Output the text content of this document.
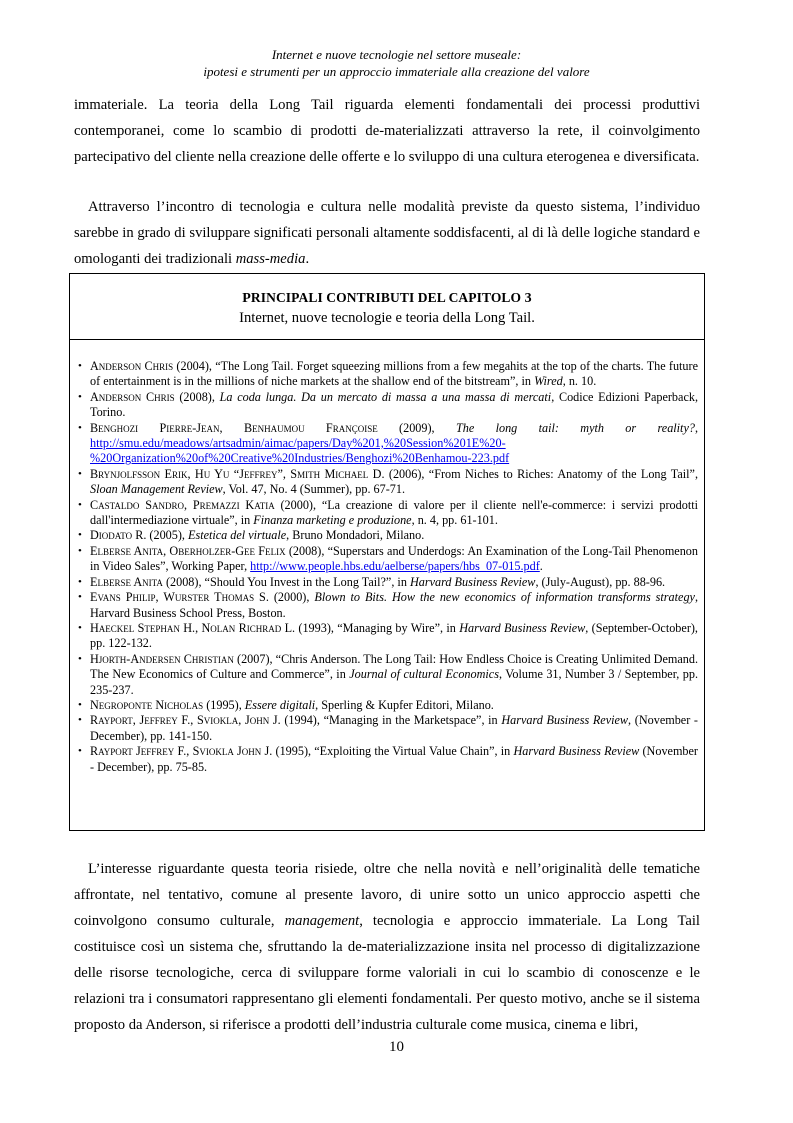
Internet e nuove tecnologie nel settore museale:
ipotesi e strumenti per un approccio immateriale alla creazione del valore

immateriale. La teoria della Long Tail riguarda elementi fondamentali dei processi produttivi contemporanei, come lo scambio di prodotti de-materializzati attraverso la rete, il coinvolgimento partecipativo del cliente nella creazione delle offerte e lo sviluppo di una cultura eterogenea e diversificata.

Attraverso l’incontro di tecnologia e cultura nelle modalità previste da questo sistema, l’individuo sarebbe in grado di sviluppare significati personali altamente soddisfacenti, al di là delle logiche standard e omologanti dei tradizionali mass-media.

PRINCIPALI CONTRIBUTI DEL CAPITOLO 3
Internet, nuove tecnologie e teoria della Long Tail.
• Anderson Chris (2004), “The Long Tail. Forget squeezing millions from a few megahits at the top of the charts. The future of entertainment is in the millions of niche markets at the shallow end of the bitstream”, in Wired, n. 10.
• Anderson Chris (2008), La coda lunga. Da un mercato di massa a una massa di mercati, Codice Edizioni Paperback, Torino.
• Benghozi Pierre-Jean, Benhaumou Françoise (2009), The long tail: myth or reality?, http://smu.edu/meadows/artsadmin/aimac/papers/Day%201,%20Session%201E%20-%20Organization%20of%20Creative%20Industries/Benghozi%20Benhamou-223.pdf
• Brynjolfsson Erik, Hu Yu “Jeffrey”, Smith Michael D. (2006), “From Niches to Riches: Anatomy of the Long Tail”, Sloan Management Review, Vol. 47, No. 4 (Summer), pp. 67-71.
• Castaldo Sandro, Premazzi Katia (2000), “La creazione di valore per il cliente nell'e-commerce: i servizi prodotti dall'intermediazione virtuale”, in Finanza marketing e produzione, n. 4, pp. 61-101.
• Diodato R. (2005), Estetica del virtuale, Bruno Mondadori, Milano.
• Elberse Anita, Oberholzer-Gee Felix (2008), “Superstars and Underdogs: An Examination of the Long-Tail Phenomenon in Video Sales”, Working Paper, http://www.people.hbs.edu/aelberse/papers/hbs_07-015.pdf.
• Elberse Anita (2008), “Should You Invest in the Long Tail?”, in Harvard Business Review, (July-August), pp. 88-96.
• Evans Philip, Wurster Thomas S. (2000), Blown to Bits. How the new economics of information transforms strategy, Harvard Business School Press, Boston.
• Haeckel Stephan H., Nolan Richrad L. (1993), “Managing by Wire”, in Harvard Business Review, (September-October), pp. 122-132.
• Hjorth-Andersen Christian (2007), “Chris Anderson. The Long Tail: How Endless Choice is Creating Unlimited Demand. The New Economics of Culture and Commerce”, in Journal of cultural Economics, Volume 31, Number 3 / September, pp. 235-237.
• Negroponte Nicholas (1995), Essere digitali, Sperling & Kupfer Editori, Milano.
• Rayport, Jeffrey F., Sviokla, John J. (1994), “Managing in the Marketspace”, in Harvard Business Review, (November - December), pp. 141-150.
• Rayport Jeffrey F., Sviokla John J. (1995), “Exploiting the Virtual Value Chain”, in Harvard Business Review (November - December), pp. 75-85.

L’interesse riguardante questa teoria risiede, oltre che nella novità e nell’originalità delle tematiche affrontate, nel tentativo, comune al presente lavoro, di unire sotto un unico approccio aspetti che coinvolgono consumo culturale, management, tecnologia e approccio immateriale. La Long Tail costituisce così un sistema che, sfruttando la de-materializzazione insita nel processo di digitalizzazione delle risorse tecnologiche, cerca di sviluppare forme valoriali in cui lo scambio di conoscenze e le relazioni tra i consumatori rappresentano gli elementi fondamentali. Per questo motivo, anche se il sistema proposto da Anderson, si riferisce a prodotti dell’industria culturale come musica, cinema e libri,

10
